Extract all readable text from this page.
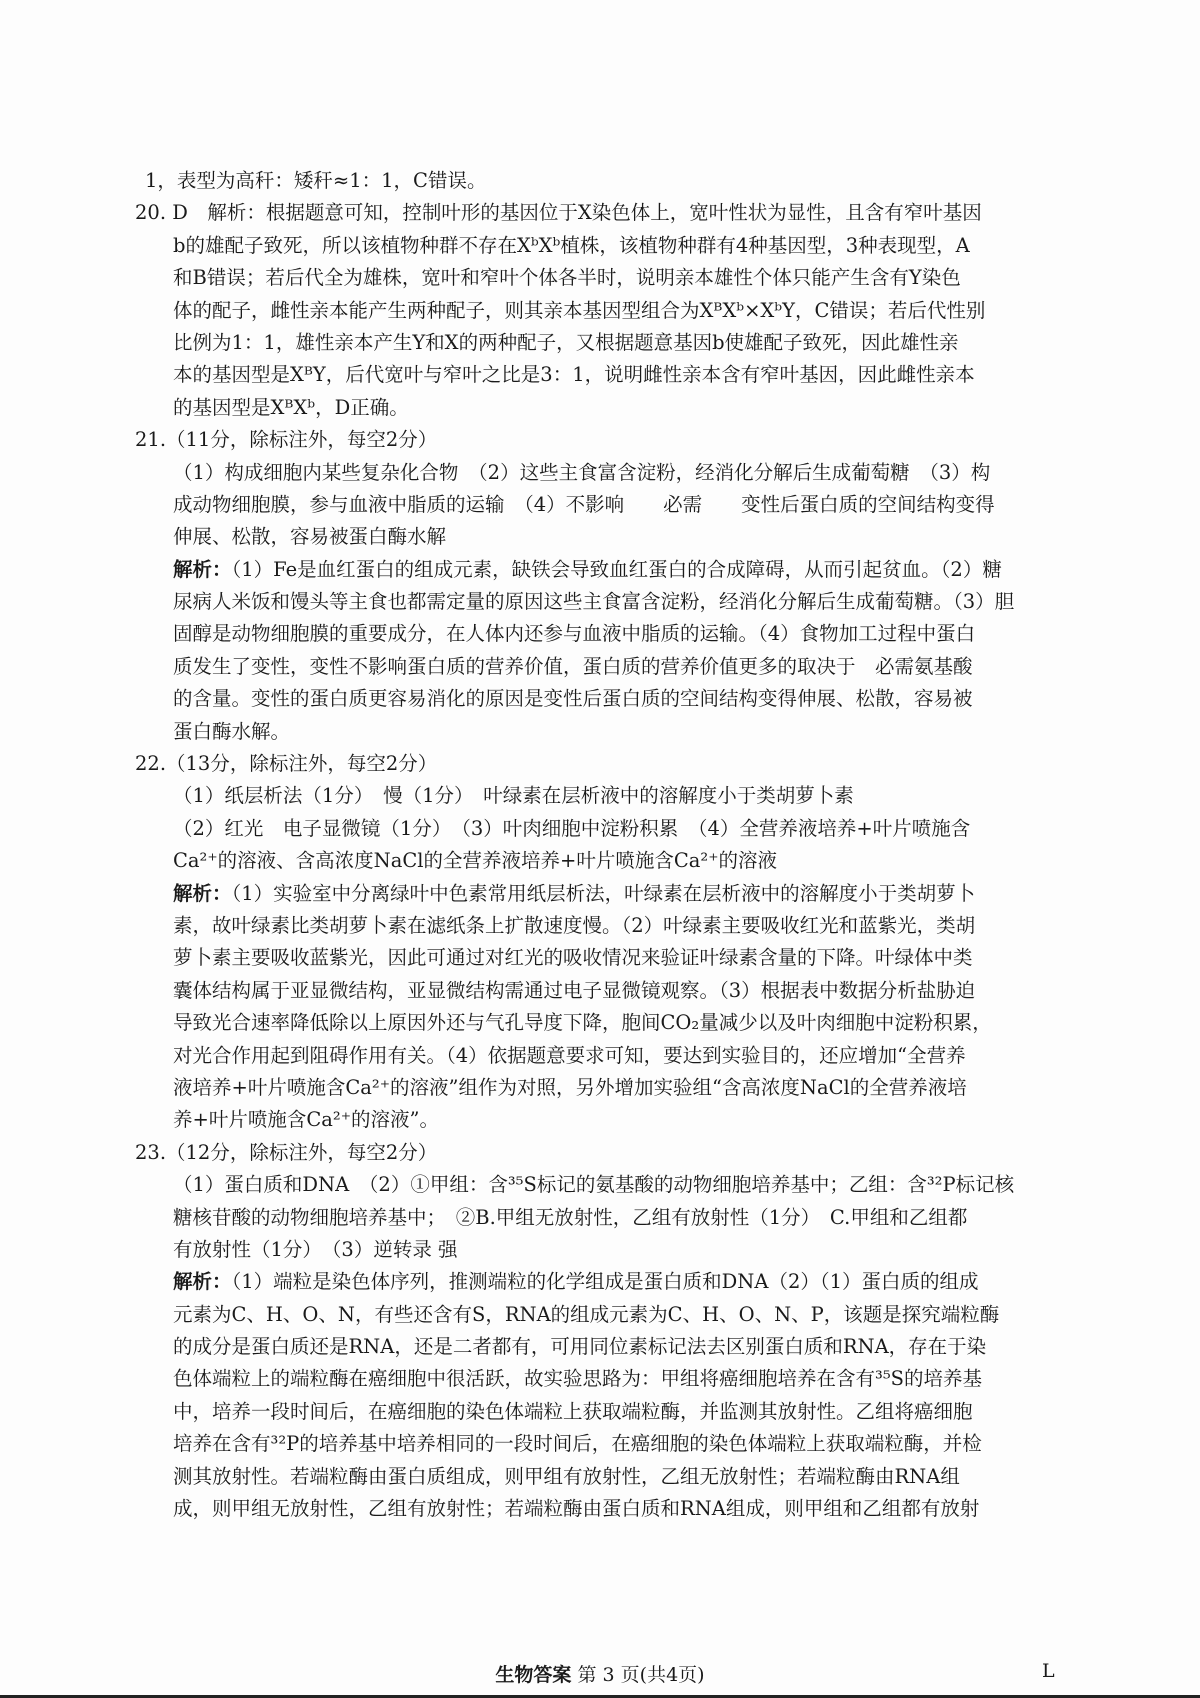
1，表型为高秆：矮秆≈1：1，C错误。
20. D　解析：根据题意可知，控制叶形的基因位于X染色体上，宽叶性状为显性，且含有窄叶基因
b的雄配子致死，所以该植物种群不存在XᵇXᵇ植株，该植物种群有4种基因型，3种表现型，A
和B错误；若后代全为雄株，宽叶和窄叶个体各半时，说明亲本雄性个体只能产生含有Y染色
体的配子，雌性亲本能产生两种配子，则其亲本基因型组合为XᴮXᵇ×XᵇY，C错误；若后代性别
比例为1：1，雄性亲本产生Y和X的两种配子，又根据题意基因b使雄配子致死，因此雄性亲
本的基因型是XᴮY，后代宽叶与窄叶之比是3：1，说明雌性亲本含有窄叶基因，因此雌性亲本
的基因型是XᴮXᵇ，D正确。
21.（11分，除标注外，每空2分）
（1）构成细胞内某些复杂化合物　（2）这些主食富含淀粉，经消化分解后生成葡萄糖　（3）构
成动物细胞膜，参与血液中脂质的运输　（4）不影响　　必需　　变性后蛋白质的空间结构变得
伸展、松散，容易被蛋白酶水解
解析：（1）Fe是血红蛋白的组成元素，缺铁会导致血红蛋白的合成障碍，从而引起贫血。（2）糖
尿病人米饭和馒头等主食也都需定量的原因这些主食富含淀粉，经消化分解后生成葡萄糖。（3）胆
固醇是动物细胞膜的重要成分，在人体内还参与血液中脂质的运输。（4）食物加工过程中蛋白
质发生了变性，变性不影响蛋白质的营养价值，蛋白质的营养价值更多的取决于　必需氨基酸
的含量。变性的蛋白质更容易消化的原因是变性后蛋白质的空间结构变得伸展、松散，容易被
蛋白酶水解。
22.（13分，除标注外，每空2分）
（1）纸层析法（1分）　慢（1分）　叶绿素在层析液中的溶解度小于类胡萝卜素
（2）红光　电子显微镜（1分）　（3）叶肉细胞中淀粉积累　（4）全营养液培养+叶片喷施含
Ca²⁺的溶液、含高浓度NaCl的全营养液培养+叶片喷施含Ca²⁺的溶液
解析：（1）实验室中分离绿叶中色素常用纸层析法，叶绿素在层析液中的溶解度小于类胡萝卜
素，故叶绿素比类胡萝卜素在滤纸条上扩散速度慢。（2）叶绿素主要吸收红光和蓝紫光，类胡
萝卜素主要吸收蓝紫光，因此可通过对红光的吸收情况来验证叶绿素含量的下降。叶绿体中类
囊体结构属于亚显微结构，亚显微结构需通过电子显微镜观察。（3）根据表中数据分析盐胁迫
导致光合速率降低除以上原因外还与气孔导度下降，胞间CO₂量减少以及叶肉细胞中淀粉积累，
对光合作用起到阻碍作用有关。（4）依据题意要求可知，要达到实验目的，还应增加“全营养
液培养+叶片喷施含Ca²⁺的溶液”组作为对照，另外增加实验组“含高浓度NaCl的全营养液培
养+叶片喷施含Ca²⁺的溶液”。
23.（12分，除标注外，每空2分）
（1）蛋白质和DNA　（2）①甲组：含³⁵S标记的氨基酸的动物细胞培养基中；乙组：含³²P标记核
糖核苷酸的动物细胞培养基中；　②B.甲组无放射性，乙组有放射性（1分）　C.甲组和乙组都
有放射性（1分）　（3）逆转录 强
解析：（1）端粒是染色体序列，推测端粒的化学组成是蛋白质和DNA（2）（1）蛋白质的组成
元素为C、H、O、N，有些还含有S，RNA的组成元素为C、H、O、N、P，该题是探究端粒酶
的成分是蛋白质还是RNA，还是二者都有，可用同位素标记法去区别蛋白质和RNA，存在于染
色体端粒上的端粒酶在癌细胞中很活跃，故实验思路为：甲组将癌细胞培养在含有³⁵S的培养基
中，培养一段时间后，在癌细胞的染色体端粒上获取端粒酶，并监测其放射性。乙组将癌细胞
培养在含有³²P的培养基中培养相同的一段时间后，在癌细胞的染色体端粒上获取端粒酶，并检
测其放射性。若端粒酶由蛋白质组成，则甲组有放射性，乙组无放射性；若端粒酶由RNA组
成，则甲组无放射性，乙组有放射性；若端粒酶由蛋白质和RNA组成，则甲组和乙组都有放射
生物答案 第 3 页(共4页)	L
